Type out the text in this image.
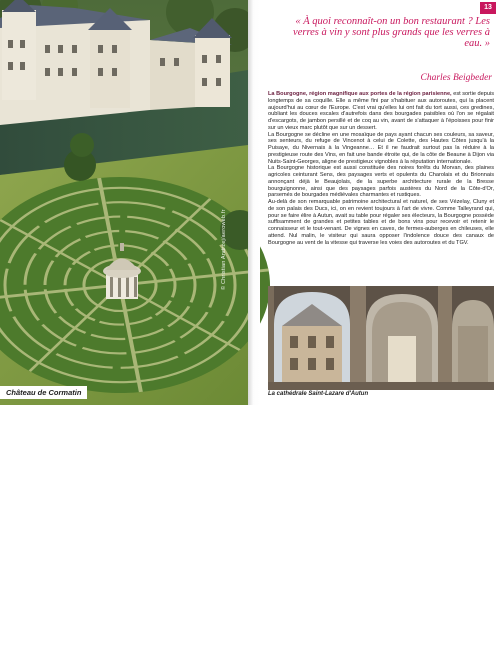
© Christian Andrzej/aeroweb.fr
Château de Cormatin
13
« À quoi reconnaît-on un bon restaurant ? Les verres à vin y sont plus grands que les verres à eau. »
Charles Beigbeder

La Bourgogne, région magnifique aux portes de la région parisienne, est sortie depuis longtemps de sa coquille. Elle a même fini par s'habituer aux autoroutes, qui la placent aujourd'hui au cœur de l'Europe. C'est vrai qu'elles lui ont fait du tort aussi, ces gredines, oubliant les douces escales d'autrefois dans des bourgades paisibles où l'on se régalait d'escargots, de jambon persillé et de coq au vin, avant de s'attaquer à l'époisses pour finir sur un vieux marc plutôt que sur un dessert.

La Bourgogne se décline en une mosaïque de pays ayant chacun ses couleurs, sa saveur, ses senteurs, du refuge de Vincenot à celui de Colette, des Hautes Côtes jusqu'à la Puisaye, du Nivernais à la Vingeanne… Et il ne faudrait surtout pas la réduire à la prestigieuse route des Vins, en fait une bande étroite qui, de la côte de Beaune à Dijon via Nuits-Saint-Georges, aligne de prestigieux vignobles à la réputation internationale.

La Bourgogne historique est aussi constituée des noires forêts du Morvan, des plaines agricoles ceinturant Sens, des paysages verts et opulents du Charolais et du Brionnais annonçant déjà le Beaujolais, de la superbe architecture rurale de la Bresse bourguignonne, ainsi que des paysages parfois austères du Nord de la Côte-d'Or, parsemés de bourgades médiévales charmantes et rustiques.

Au-delà de son remarquable patrimoine architectural et naturel, de ses Vézelay, Cluny et de son palais des Ducs, ici, on en revient toujours à l'art de vivre. Comme Talleyrand qui, pour se faire élire à Autun, avait su table pour régaler ses électeurs, la Bourgogne possède suffisamment de grandes et petites tables et de bons vins pour recevoir et retenir le connaisseur et le tout-venant. De vignes en caves, de fermes-auberges en chileuses, elle attend. Nul malin, le visiteur qui saura opposer l'indolence douce des canaux de Bourgogne au vent de la vitesse qui traverse les voies des autoroutes et du TGV.

© Gérard Hérisson/Hemis.fr
La cathédrale Saint-Lazare d'Autun
